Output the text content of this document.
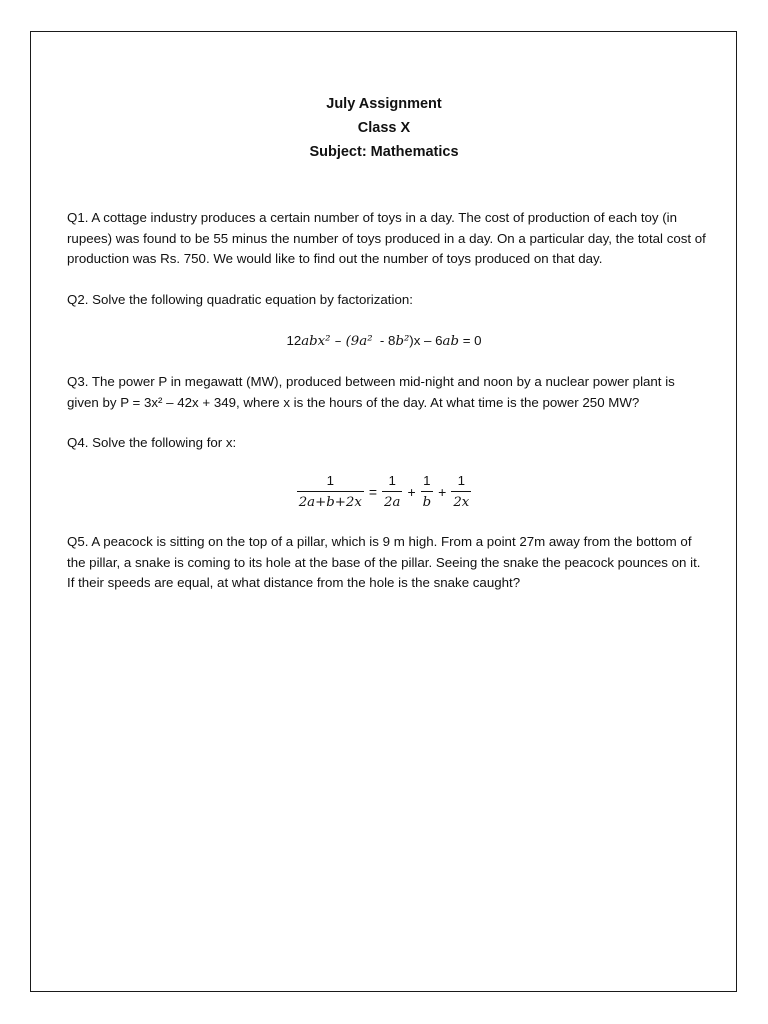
July Assignment
Class X
Subject: Mathematics
Q1. A cottage industry produces a certain number of toys in a day. The cost of production of each toy (in rupees) was found to be 55 minus the number of toys produced in a day. On a particular day, the total cost of production was Rs. 750. We would like to find out the number of toys produced on that day.
Q2. Solve the following quadratic equation by factorization:
12abx² – (9a²  - 8b²)x – 6ab = 0
Q3. The power P in megawatt (MW), produced between mid-night and noon by a nuclear power plant is given by P = 3x² – 42x + 349, where x is the hours of the day. At what time is the power 250 MW?
Q4. Solve the following for x:
$\frac{1}{2a+b+2x} = \frac{1}{2a} + \frac{1}{b} + \frac{1}{2x}$
Q5. A peacock is sitting on the top of a pillar, which is 9 m high. From a point 27m away from the bottom of the pillar, a snake is coming to its hole at the base of the pillar. Seeing the snake the peacock pounces on it. If their speeds are equal, at what distance from the hole is the snake caught?
